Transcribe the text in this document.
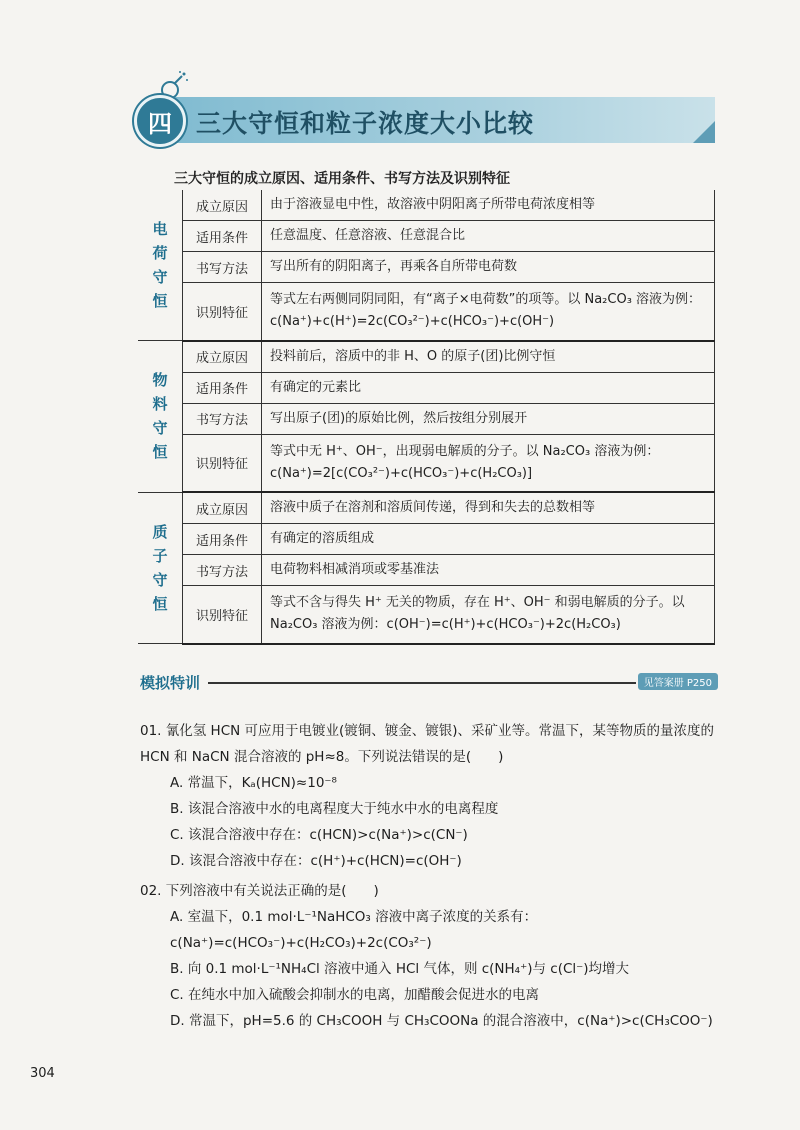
四 三大守恒和粒子浓度大小比较
三大守恒的成立原因、适用条件、书写方法及识别特征
电荷守恒	成立原因	由于溶液显电中性，故溶液中阴阳离子所带电荷浓度相等
	适用条件	任意温度、任意溶液、任意混合比
	书写方法	写出所有的阴阳离子，再乘各自所带电荷数
	识别特征	等式左右两侧同阴同阳，有“离子×电荷数”的项等。以 Na₂CO₃ 溶液为例：c(Na⁺)+c(H⁺)=2c(CO₃²⁻)+c(HCO₃⁻)+c(OH⁻)
物料守恒	成立原因	投料前后，溶质中的非 H、O 的原子(团)比例守恒
	适用条件	有确定的元素比
	书写方法	写出原子(团)的原始比例，然后按组分别展开
	识别特征	等式中无 H⁺、OH⁻，出现弱电解质的分子。以 Na₂CO₃ 溶液为例：c(Na⁺)=2[c(CO₃²⁻)+c(HCO₃⁻)+c(H₂CO₃)]
质子守恒	成立原因	溶液中质子在溶剂和溶质间传递，得到和失去的总数相等
	适用条件	有确定的溶质组成
	书写方法	电荷物料相减消项或零基准法
	识别特征	等式不含与得失 H⁺ 无关的物质，存在 H⁺、OH⁻ 和弱电解质的分子。以 Na₂CO₃ 溶液为例：c(OH⁻)=c(H⁺)+c(HCO₃⁻)+2c(H₂CO₃)
模拟特训	见答案册 P250

01. 氰化氢 HCN 可应用于电镀业(镀铜、镀金、镀银)、采矿业等。常温下，某等物质的量浓度的 HCN 和 NaCN 混合溶液的 pH≈8。下列说法错误的是(　　)

A. 常温下，Kₐ(HCN)≈10⁻⁸

B. 该混合溶液中水的电离程度大于纯水中水的电离程度

C. 该混合溶液中存在：c(HCN)>c(Na⁺)>c(CN⁻)

D. 该混合溶液中存在：c(H⁺)+c(HCN)=c(OH⁻)

02. 下列溶液中有关说法正确的是(　　)

A. 室温下，0.1 mol·L⁻¹NaHCO₃ 溶液中离子浓度的关系有：c(Na⁺)=c(HCO₃⁻)+c(H₂CO₃)+2c(CO₃²⁻)

B. 向 0.1 mol·L⁻¹NH₄Cl 溶液中通入 HCl 气体，则 c(NH₄⁺)与 c(Cl⁻)均增大

C. 在纯水中加入硫酸会抑制水的电离，加醋酸会促进水的电离

D. 常温下，pH=5.6 的 CH₃COOH 与 CH₃COONa 的混合溶液中，c(Na⁺)>c(CH₃COO⁻)

304
